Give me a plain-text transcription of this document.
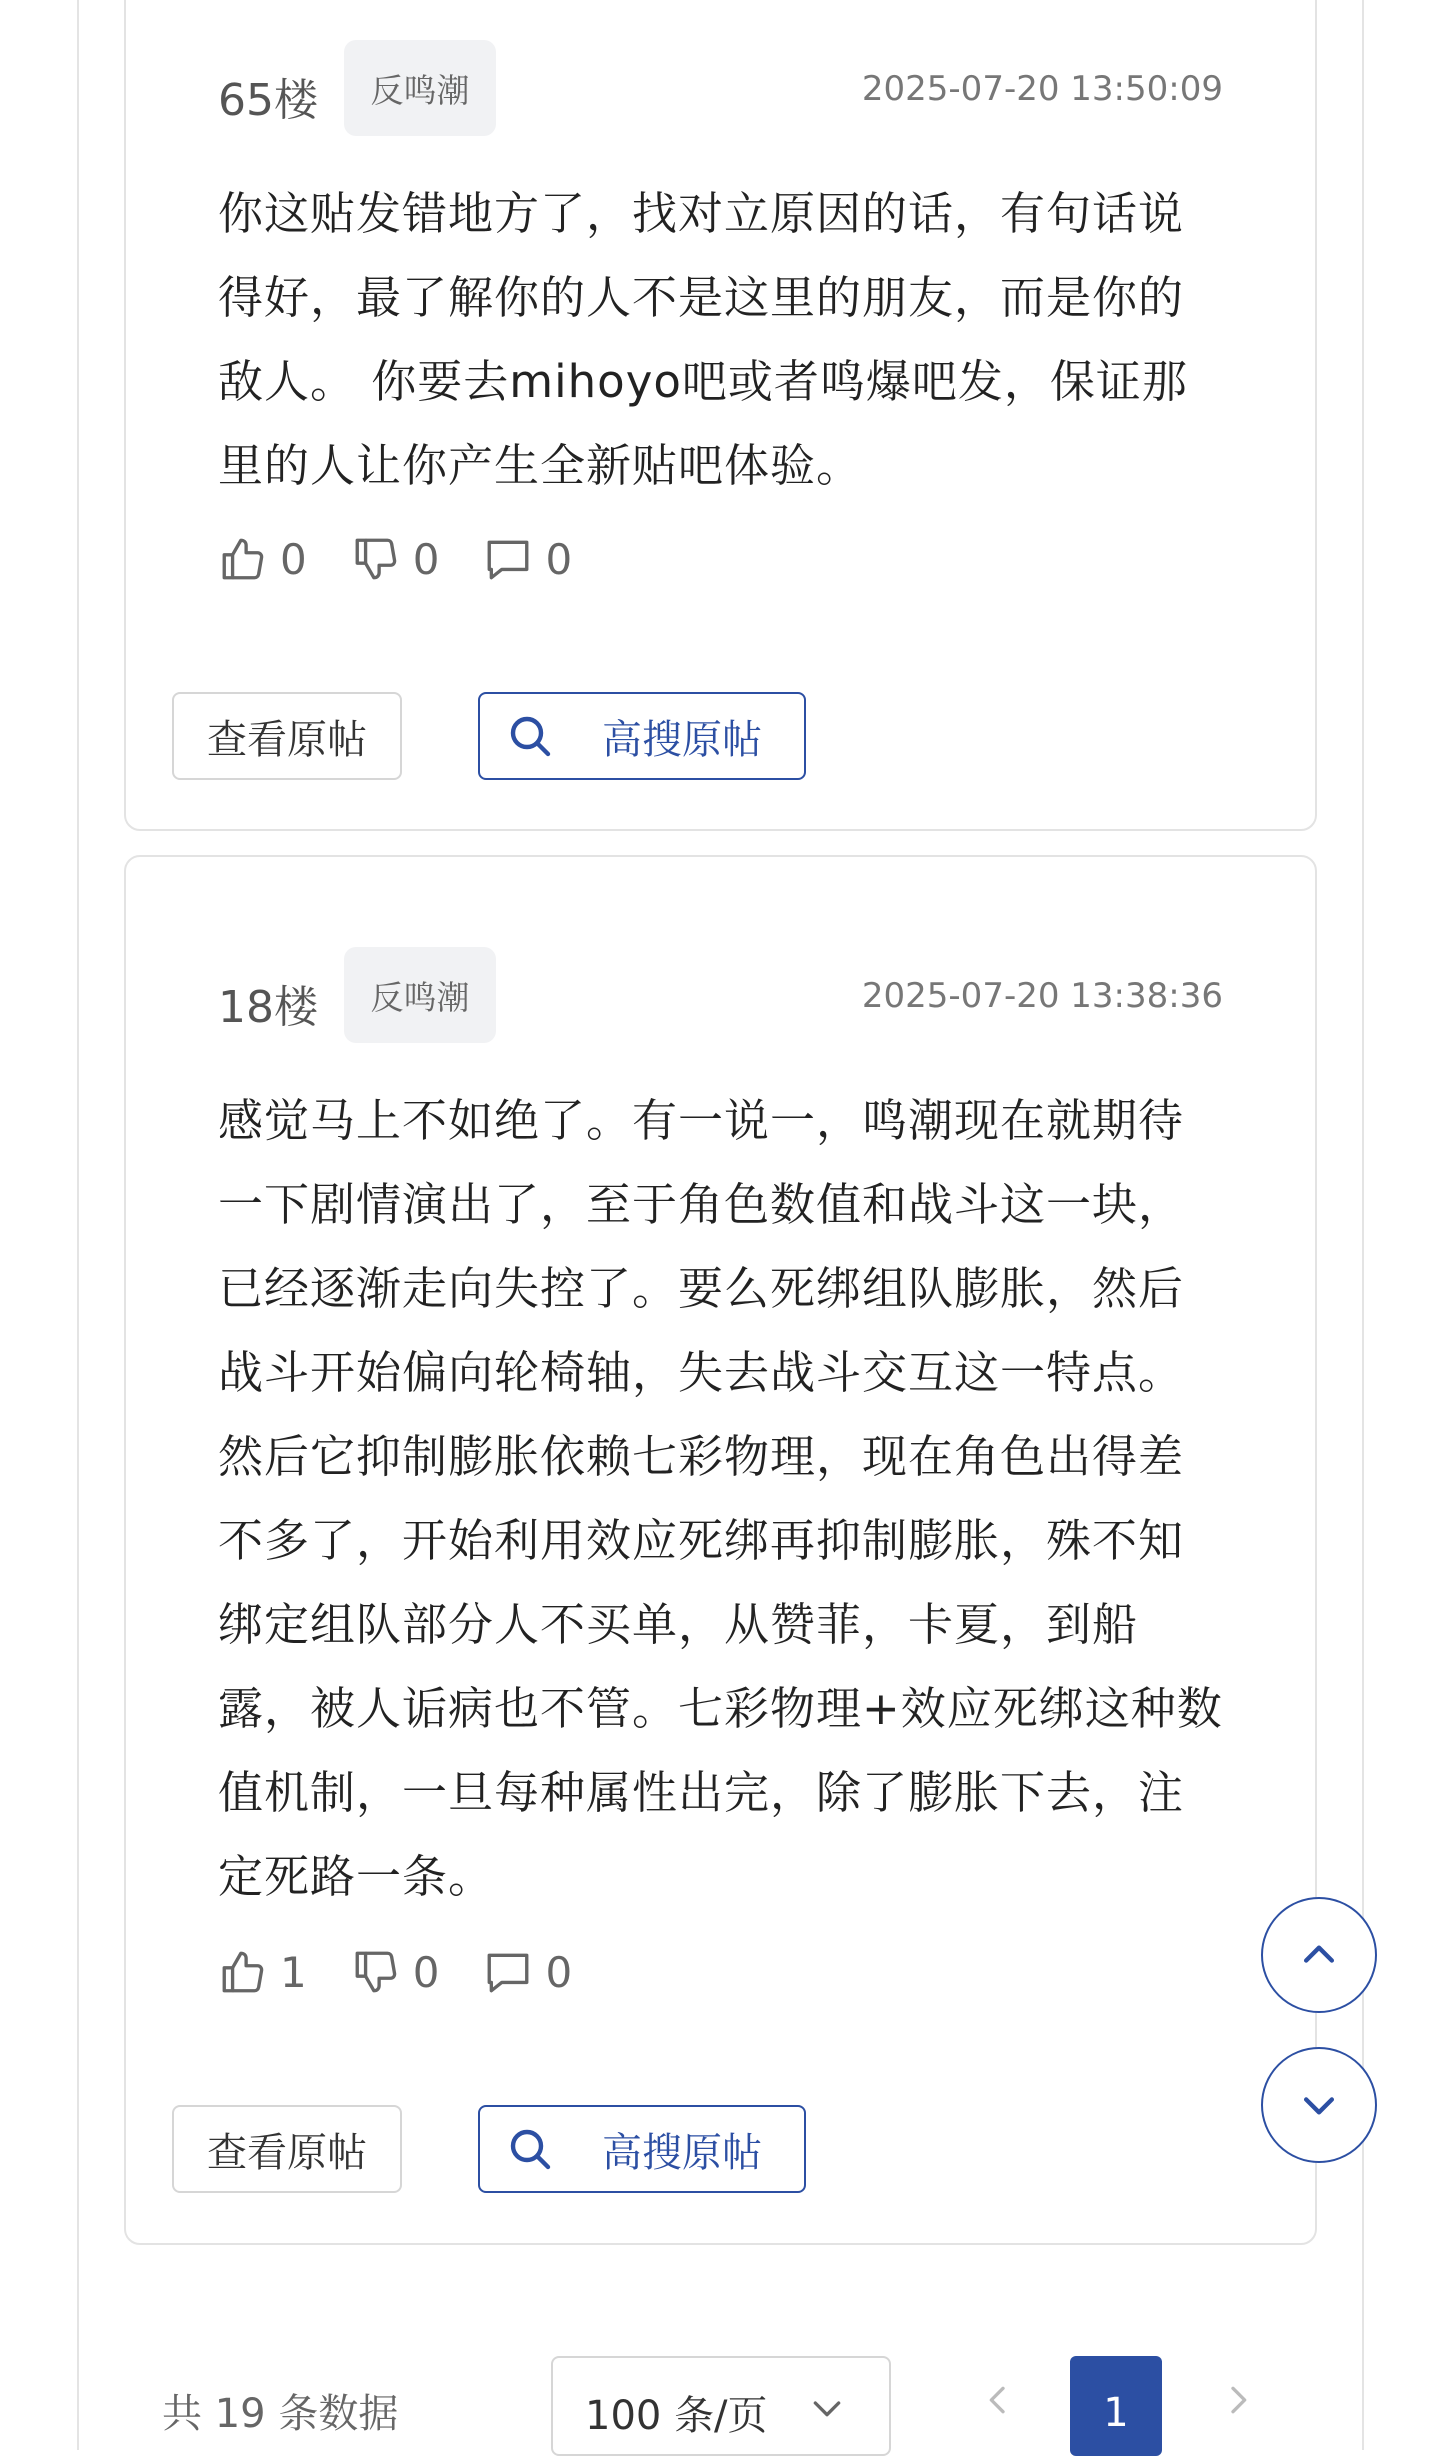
65楼	反鸣潮	2025-07-20 13:50:09

你这贴发错地方了，找对立原因的话，有句话说得好，最了解你的人不是这里的朋友，而是你的敌人。 你要去mihoyo吧或者鸣爆吧发，保证那里的人让你产生全新贴吧体验。

0	0	0
查看原帖	高搜原帖
18楼	反鸣潮	2025-07-20 13:38:36

感觉马上不如绝了。有一说一，鸣潮现在就期待一下剧情演出了，至于角色数值和战斗这一块，已经逐渐走向失控了。要么死绑组队膨胀，然后战斗开始偏向轮椅轴，失去战斗交互这一特点。然后它抑制膨胀依赖七彩物理，现在角色出得差不多了，开始利用效应死绑再抑制膨胀，殊不知绑定组队部分人不买单，从赞菲，卡夏，到船露，被人诟病也不管。七彩物理+效应死绑这种数值机制，一旦每种属性出完，除了膨胀下去，注定死路一条。

1	0	0
查看原帖	高搜原帖
共 19 条数据	100 条/页	1
